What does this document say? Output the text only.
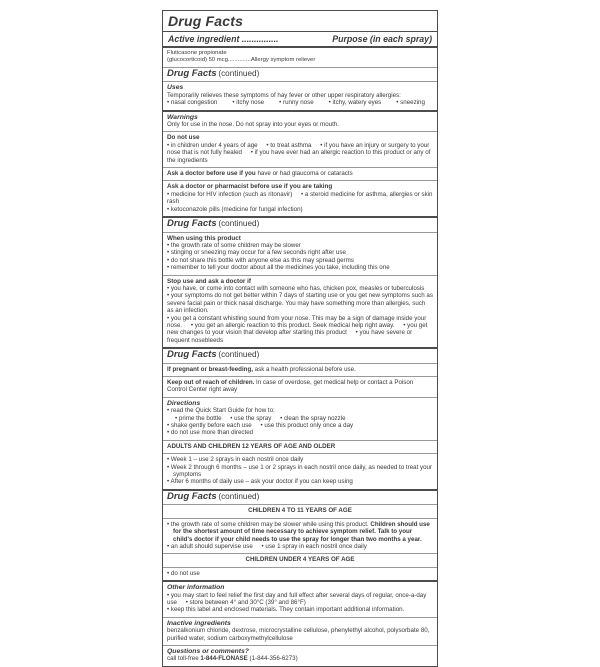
Drug Facts
Active ingredient ...............	Purpose (in each spray)
Fluticasone propionate
(glucocorticoid) 50 mcg..............Allergy symptom reliever
Drug Facts (continued)
Uses

Temporarily relieves these symptoms of hay fever or other upper respiratory allergies:

• nasal congestion	• itchy nose	• runny nose	• itchy, watery eyes	• sneezing

Warnings

Only for use in the nose. Do not spray into your eyes or mouth.

Do not use

• in children under 4 years of age • to treat asthma • if you have an injury or surgery to your nose that is not fully healed • if you have ever had an allergic reaction to this product or any of the ingredients

Ask a doctor before use if you have or had glaucoma or cataracts

Ask a doctor or pharmacist before use if you are taking

• medicine for HIV infection (such as ritonavir) • a steroid medicine for asthma, allergies or skin rash

• ketoconazole pills (medicine for fungal infection)

Drug Facts (continued)
When using this product

• the growth rate of some children may be slower

• stinging or sneezing may occur for a few seconds right after use

• do not share this bottle with anyone else as this may spread germs

• remember to tell your doctor about all the medicines you take, including this one

Stop use and ask a doctor if

• you have, or come into contact with someone who has, chicken pox, measles or tuberculosis • your symptoms do not get better within 7 days of starting use or you get new symptoms such as severe facial pain or thick nasal discharge. You may have something more than allergies, such as an infection.

• you get a constant whistling sound from your nose. This may be a sign of damage inside your nose. • you get an allergic reaction to this product. Seek medical help right away. • you get new changes to your vision that develop after starting this product • you have severe or frequent nosebleeds

Drug Facts (continued)

If pregnant or breast-feeding, ask a health professional before use.

Keep out of reach of children. In case of overdose, get medical help or contact a Poison Control Center right away

Directions

• read the Quick Start Guide for how to:

• prime the bottle • use the spray • clean the spray nozzle

• shake gently before each use • use this product only once a day

• do not use more than directed

ADULTS AND CHILDREN 12 YEARS OF AGE AND OLDER

• Week 1 – use 2 sprays in each nostril once daily

• Week 2 through 6 months – use 1 or 2 sprays in each nostril once daily, as needed to treat your symptoms

• After 6 months of daily use – ask your doctor if you can keep using

Drug Facts (continued)
CHILDREN 4 TO 11 YEARS OF AGE

• the growth rate of some children may be slower while using this product. Children should use for the shortest amount of time necessary to achieve symptom relief. Talk to your child's doctor if your child needs to use the spray for longer than two months a year.

• an adult should supervise use • use 1 spray in each nostril once daily

CHILDREN UNDER 4 YEARS OF AGE

• do not use

Other information

• you may start to feel relief the first day and full effect after several days of regular, once-a-day use • store between 4° and 30°C (39° and 86°F)

• keep this label and enclosed materials. They contain important additional information.

Inactive ingredients

benzalkonium chloride, dextrose, microcrystalline cellulose, phenylethyl alcohol, polysorbate 80, purified water, sodium carboxymethylcellulose

Questions or comments?

call toll-free 1-844-FLONASE (1-844-356-6273)
